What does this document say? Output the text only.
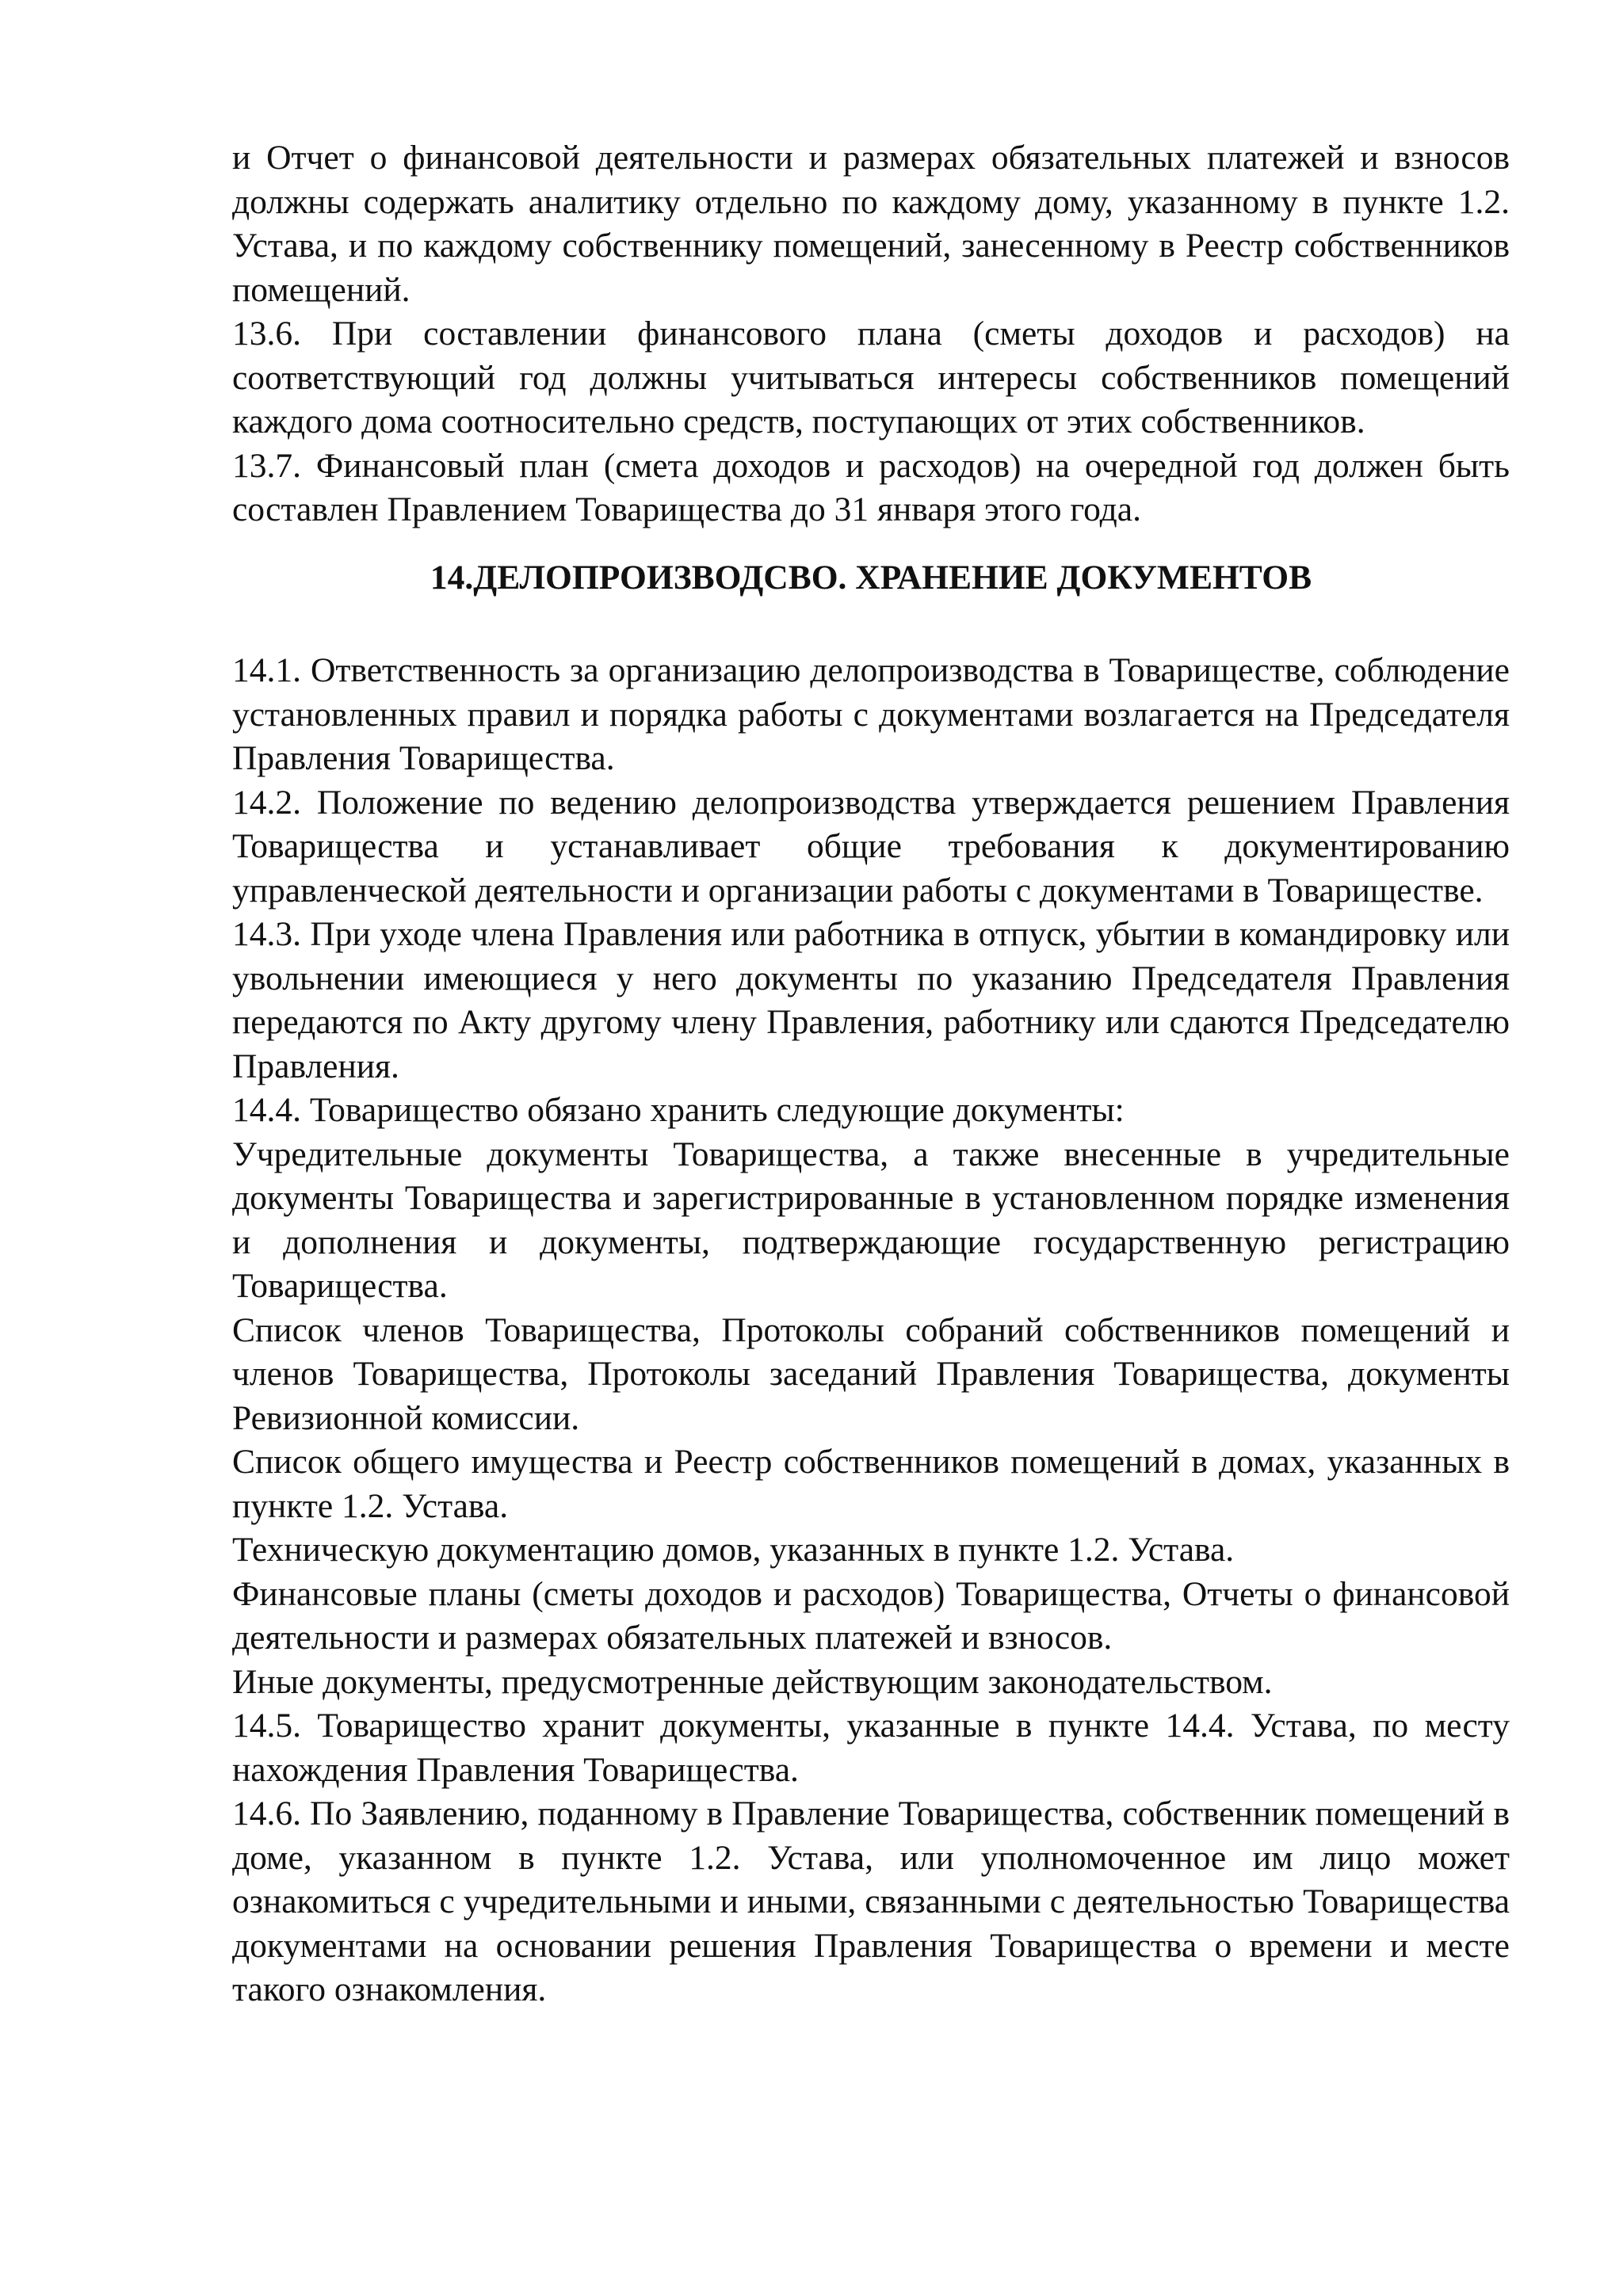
и Отчет о финансовой деятельности и размерах обязательных платежей и взносов должны содержать аналитику отдельно по каждому дому, указанному в пункте 1.2. Устава, и по каждому собственнику помещений, занесенному в Реестр собственников помещений.

13.6. При составлении финансового плана (сметы доходов и расходов) на соответствующий год должны учитываться интересы собственников помещений каждого дома соотносительно средств, поступающих от этих собственников.

13.7. Финансовый план (смета доходов и расходов) на очередной год должен быть составлен Правлением Товарищества до 31 января этого года.

14.ДЕЛОПРОИЗВОДСВО. ХРАНЕНИЕ ДОКУМЕНТОВ

14.1. Ответственность за организацию делопроизводства в Товариществе, соблюдение установленных правил и порядка работы с документами возлагается на Председателя Правления Товарищества.

14.2. Положение по ведению делопроизводства утверждается решением Правления Товарищества и устанавливает общие требования к документированию управленческой деятельности и организации работы с документами в Товариществе.

14.3. При уходе члена Правления или работника в отпуск, убытии в командировку или увольнении имеющиеся у него документы по указанию Председателя Правления передаются по Акту другому члену Правления, работнику или сдаются Председателю Правления.

14.4. Товарищество обязано хранить следующие документы:

Учредительные документы Товарищества, а также внесенные в учредительные документы Товарищества и зарегистрированные в установленном порядке изменения и дополнения и документы, подтверждающие государственную регистрацию Товарищества.

Список членов Товарищества, Протоколы собраний собственников помещений и членов Товарищества, Протоколы заседаний Правления Товарищества, документы Ревизионной комиссии.

Список общего имущества и Реестр собственников помещений в домах, указанных в пункте 1.2. Устава.

Техническую документацию домов, указанных в пункте 1.2. Устава.

Финансовые планы (сметы доходов и расходов) Товарищества, Отчеты о финансовой деятельности и размерах обязательных платежей и взносов.

Иные документы, предусмотренные действующим законодательством.

14.5. Товарищество хранит документы, указанные в пункте 14.4. Устава, по месту нахождения Правления Товарищества.

14.6. По Заявлению, поданному в Правление Товарищества, собственник помещений в доме, указанном в пункте 1.2. Устава, или уполномоченное им лицо может ознакомиться с учредительными и иными, связанными с деятельностью Товарищества документами на основании решения Правления Товарищества о времени и месте такого ознакомления.
